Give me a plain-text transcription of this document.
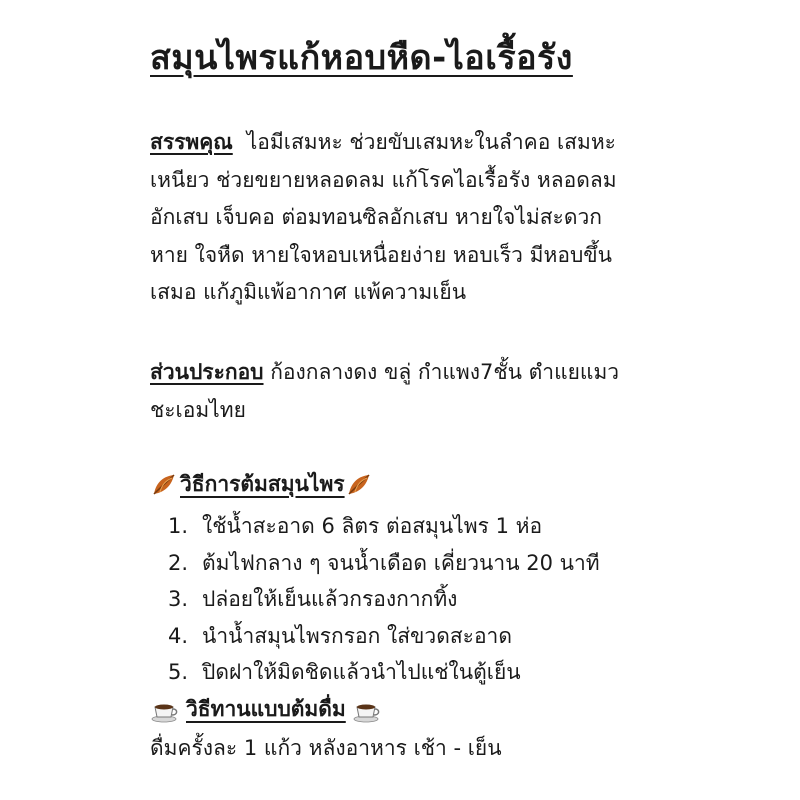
สมุนไพรแก้หอบหืด-ไอเรื้อรัง
สรรพคุณ ไอมีเสมหะ ช่วยขับเสมหะในลำคอ เสมหะเหนียว ช่วยขยายหลอดลม แก้โรคไอเรื้อรัง หลอดลมอักเสบ เจ็บคอ ต่อมทอนซิลอักเสบ หายใจไม่สะดวก หาย ใจหืด หายใจหอบเหนื่อยง่าย หอบเร็ว มีหอบขึ้นเสมอ แก้ภูมิแพ้อากาศ แพ้ความเย็น
ส่วนประกอบ ก้องกลางดง ขลู่ กำแพง7ชั้น ตำแยแมว ชะเอมไทย
วิธีการต้มสมุนไพร
1. ใช้น้ำสะอาด 6 ลิตร ต่อสมุนไพร 1 ห่อ
2. ต้มไฟกลาง ๆ จนน้ำเดือด เคี่ยวนาน 20 นาที
3. ปล่อยให้เย็นแล้วกรองกากทิ้ง
4. นำน้ำสมุนไพรกรอก ใส่ขวดสะอาด
5. ปิดฝาให้มิดชิดแล้วนำไปแช่ในตู้เย็น
วิธีทานแบบต้มดื่ม
ดื่มครั้งละ 1 แก้ว หลังอาหาร เช้า - เย็น
